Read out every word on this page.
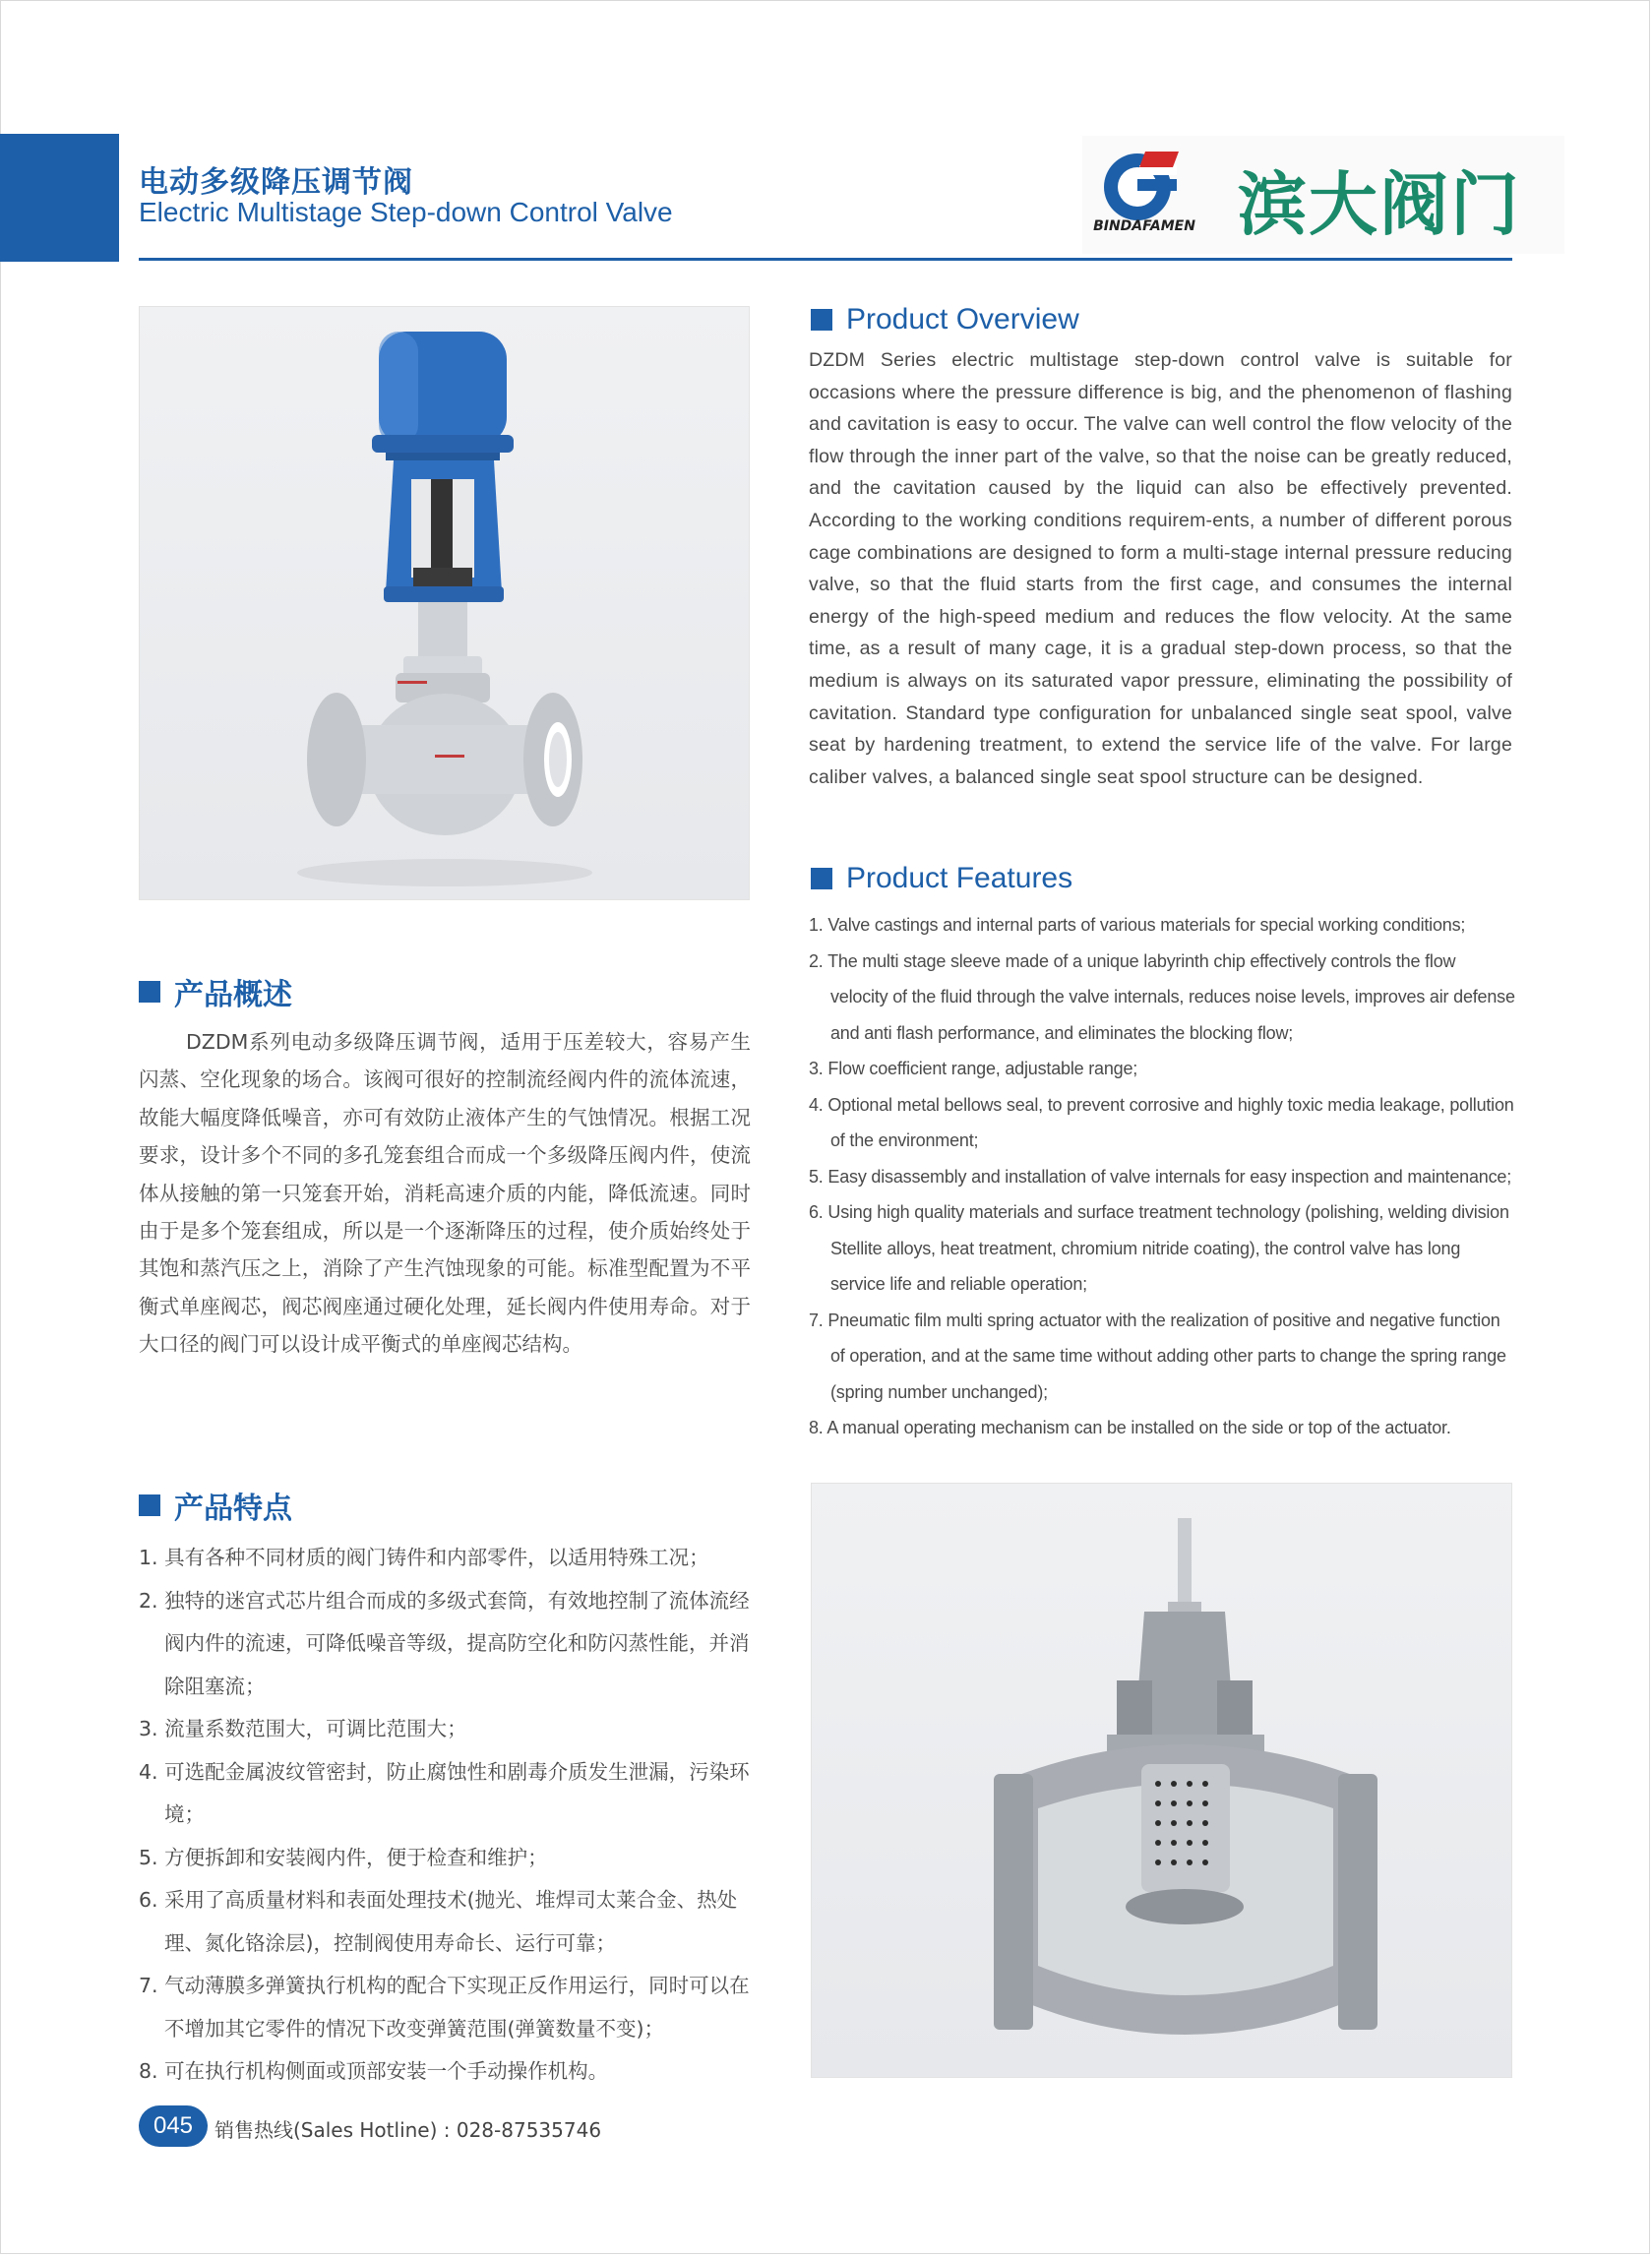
电动多级降压调节阀
Electric Multistage Step-down Control Valve	BINDAFAMEN 滨大阀门
Product Overview
DZDM Series electric multistage step-down control valve is suitable for occasions where the pressure difference is big, and the phenomenon of flashing and cavitation is easy to occur. The valve can well control the flow velocity of the flow through the inner part of the valve, so that the noise can be greatly reduced, and the cavitation caused by the liquid can also be effectively prevented. According to the working conditions requirem-ents, a number of different porous cage combinations are designed to form a multi-stage internal pressure reducing valve, so that the fluid starts from the first cage, and consumes the internal energy of the high-speed medium and reduces the flow velocity. At the same time, as a result of many cage, it is a gradual step-down process, so that the medium is always on its saturated vapor pressure, eliminating the possibility of cavitation. Standard type configuration for unbalanced single seat spool, valve seat by hardening treatment, to extend the service life of the valve. For large caliber valves, a balanced single seat spool structure can be designed.
Product Features
1. Valve castings and internal parts of various materials for special working conditions;
2. The multi stage sleeve made of a unique labyrinth chip effectively controls the flow velocity of the fluid through the valve internals, reduces noise levels, improves air defense and anti flash performance, and eliminates the blocking flow;
3. Flow coefficient range, adjustable range;
4. Optional metal bellows seal, to prevent corrosive and highly toxic media leakage, pollution of the environment;
5. Easy disassembly and installation of valve internals for easy inspection and maintenance;
6. Using high quality materials and surface treatment technology (polishing, welding division Stellite alloys, heat treatment, chromium nitride coating), the control valve has long service life and reliable operation;
7. Pneumatic film multi spring actuator with the realization of positive and negative function of operation, and at the same time without adding other parts to change the spring range (spring number unchanged);
8. A manual operating mechanism can be installed on the side or top of the actuator.
产品概述
DZDM系列电动多级降压调节阀，适用于压差较大，容易产生闪蒸、空化现象的场合。该阀可很好的控制流经阀内件的流体流速，故能大幅度降低噪音，亦可有效防止液体产生的气蚀情况。根据工况要求，设计多个不同的多孔笼套组合而成一个多级降压阀内件，使流体从接触的第一只笼套开始，消耗高速介质的内能，降低流速。同时由于是多个笼套组成，所以是一个逐渐降压的过程，使介质始终处于其饱和蒸汽压之上，消除了产生汽蚀现象的可能。标准型配置为不平衡式单座阀芯，阀芯阀座通过硬化处理，延长阀内件使用寿命。对于大口径的阀门可以设计成平衡式的单座阀芯结构。
产品特点
1. 具有各种不同材质的阀门铸件和内部零件，以适用特殊工况；
2. 独特的迷宫式芯片组合而成的多级式套筒，有效地控制了流体流经阀内件的流速，可降低噪音等级，提高防空化和防闪蒸性能，并消除阻塞流；
3. 流量系数范围大，可调比范围大；
4. 可选配金属波纹管密封，防止腐蚀性和剧毒介质发生泄漏，污染环境；
5. 方便拆卸和安装阀内件，便于检查和维护；
6. 采用了高质量材料和表面处理技术(抛光、堆焊司太莱合金、热处理、氮化铬涂层)，控制阀使用寿命长、运行可靠；
7. 气动薄膜多弹簧执行机构的配合下实现正反作用运行，同时可以在不增加其它零件的情况下改变弹簧范围(弹簧数量不变)；
8. 可在执行机构侧面或顶部安装一个手动操作机构。
045	销售热线(Sales Hotline) : 028-87535746
